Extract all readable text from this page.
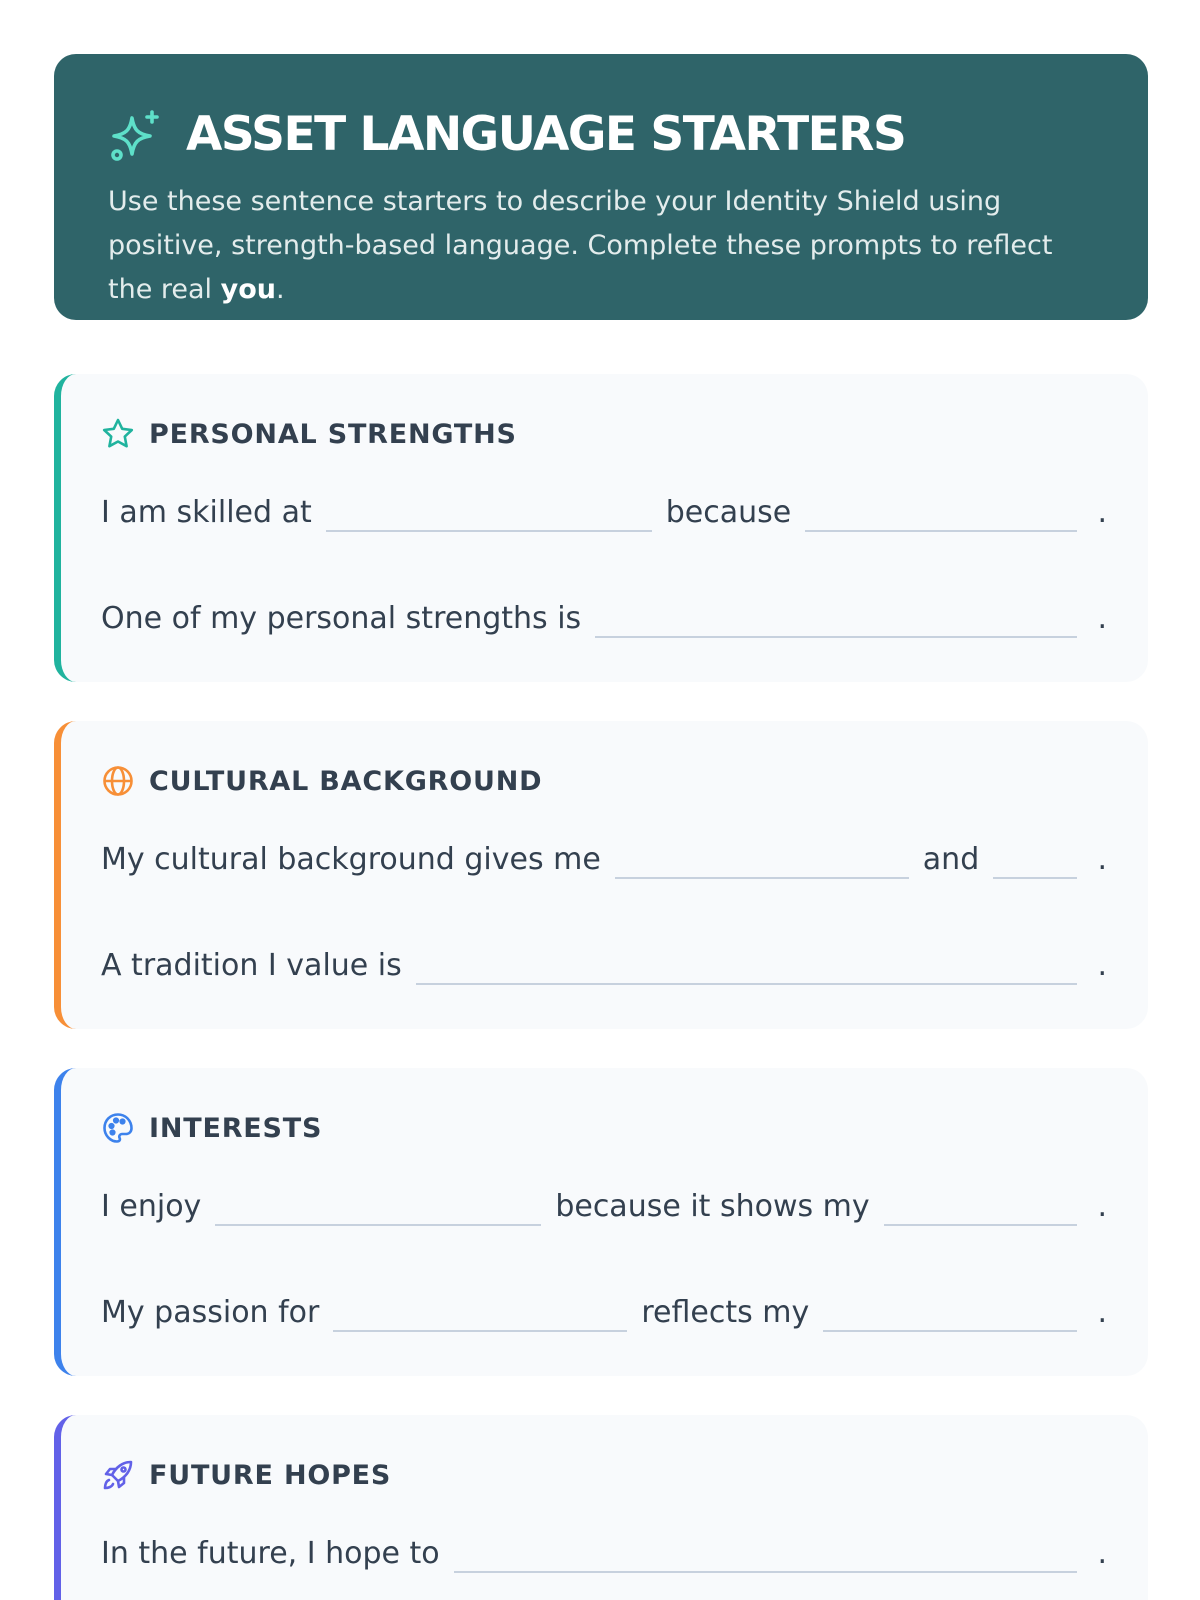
ASSET LANGUAGE STARTERS
Use these sentence starters to describe your Identity Shield using positive, strength-based language. Complete these prompts to reflect the real you.
PERSONAL STRENGTHS
I am skilled at	because	.
One of my personal strengths is	.
CULTURAL BACKGROUND
My cultural background gives me	and	.
A tradition I value is	.
INTERESTS
I enjoy	because it shows my	.
My passion for	reflects my	.
FUTURE HOPES
In the future, I hope to	.
